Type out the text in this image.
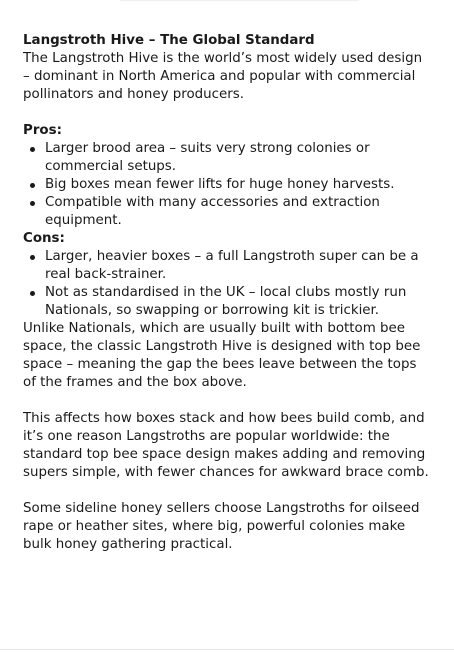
Langstroth Hive – The Global Standard

The Langstroth Hive is the world’s most widely used design – dominant in North America and popular with commercial pollinators and honey producers.

Pros:

Larger brood area – suits very strong colonies or commercial setups.
Big boxes mean fewer lifts for huge honey harvests.
Compatible with many accessories and extraction equipment.

Cons:

Larger, heavier boxes – a full Langstroth super can be a real back-strainer.
Not as standardised in the UK – local clubs mostly run Nationals, so swapping or borrowing kit is trickier.

Unlike Nationals, which are usually built with bottom bee space, the classic Langstroth Hive is designed with top bee space – meaning the gap the bees leave between the tops of the frames and the box above.

This affects how boxes stack and how bees build comb, and it’s one reason Langstroths are popular worldwide: the standard top bee space design makes adding and removing supers simple, with fewer chances for awkward brace comb.

Some sideline honey sellers choose Langstroths for oilseed rape or heather sites, where big, powerful colonies make bulk honey gathering practical.
